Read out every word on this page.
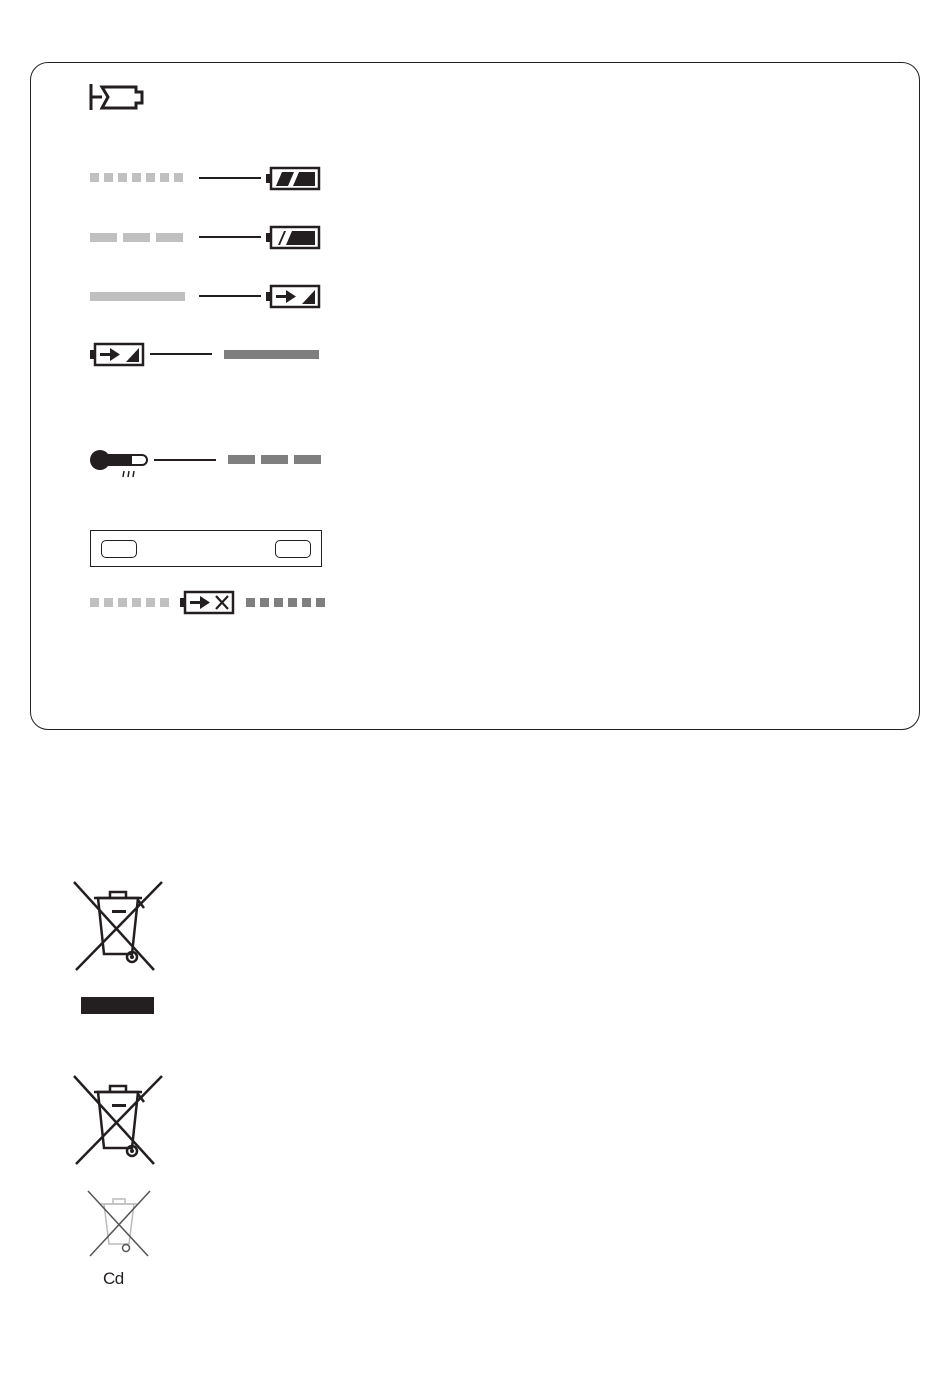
Cd
